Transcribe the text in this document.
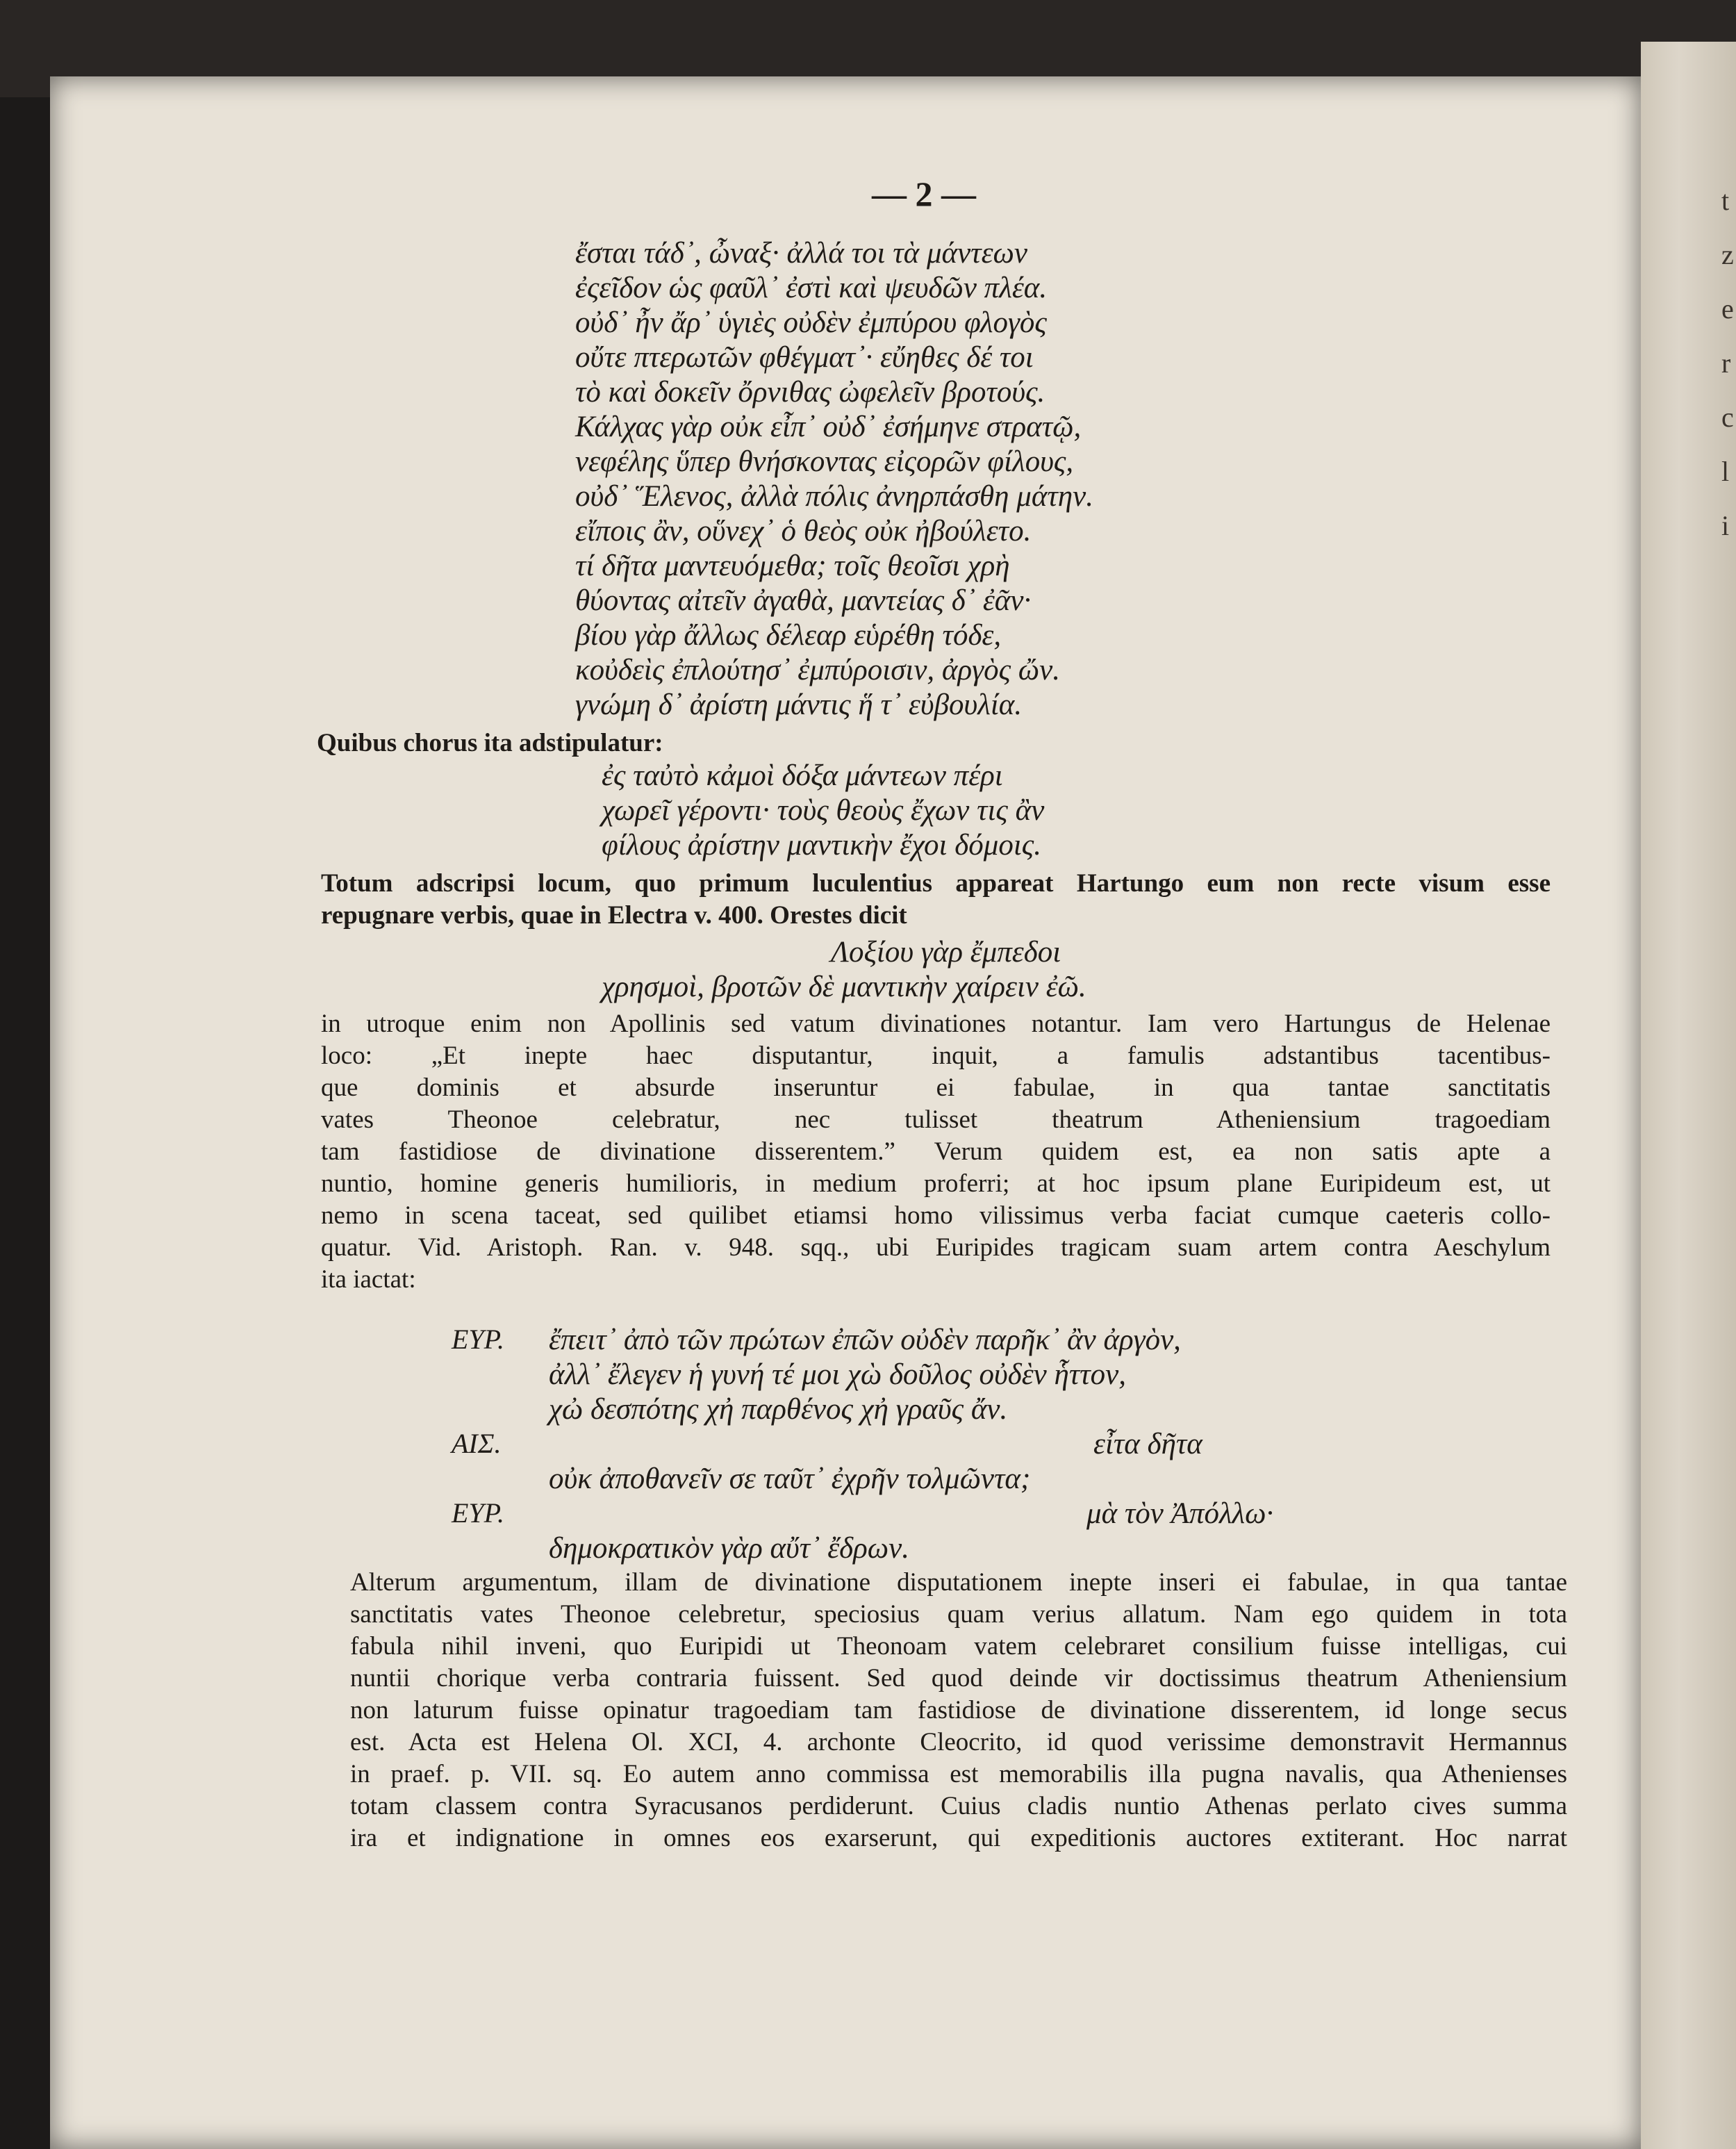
t
z
e
r
c
l
i
— 2 —
ἔσται τάδ᾽, ὦναξ· ἀλλά τοι τὰ μάντεων
ἐςεῖδον ὡς φαῦλ᾽ ἐστὶ καὶ ψευδῶν πλέα.
οὐδ᾽ ἦν ἄρ᾽ ὑγιὲς οὐδὲν ἐμπύρου φλογὸς
οὔτε πτερωτῶν φθέγματ᾽· εὔηθες δέ τοι
τὸ καὶ δοκεῖν ὄρνιθας ὠφελεῖν βροτούς.
Κάλχας γὰρ οὐκ εἶπ᾽ οὐδ᾽ ἐσήμηνε στρατῷ,
νεφέλης ὕπερ θνήσκοντας εἰςορῶν φίλους,
οὐδ᾽ Ἕλενος, ἀλλὰ πόλις ἀνηρπάσθη μάτην.
εἴποις ἂν, οὕνεχ᾽ ὁ θεὸς οὐκ ἠβούλετο.
τί δῆτα μαντευόμεθα; τοῖς θεοῖσι χρὴ
θύοντας αἰτεῖν ἀγαθὰ, μαντείας δ᾽ ἐᾶν·
βίου γὰρ ἄλλως δέλεαρ εὑρέθη τόδε,
κοὐδεὶς ἐπλούτησ᾽ ἐμπύροισιν, ἀργὸς ὤν.
γνώμη δ᾽ ἀρίστη μάντις ἥ τ᾽ εὐβουλία.
Quibus chorus ita adstipulatur:
ἐς ταὐτὸ κἀμοὶ δόξα μάντεων πέρι
χωρεῖ γέροντι· τοὺς θεοὺς ἔχων τις ἂν
φίλους ἀρίστην μαντικὴν ἔχοι δόμοις.
Totum adscripsi locum, quo primum luculentius appareat Hartungo eum non recte visum esse
repugnare verbis, quae in Electra v. 400. Orestes dicit
Λοξίου γὰρ ἔμπεδοι
χρησμοὶ, βροτῶν δὲ μαντικὴν χαίρειν ἐῶ.
in utroque enim non Apollinis sed vatum divinationes notantur. Iam vero Hartungus de Helenae
loco: „Et inepte haec disputantur, inquit, a famulis adstantibus tacentibus-
que dominis et absurde inseruntur ei fabulae, in qua tantae sanctitatis
vates Theonoe celebratur, nec tulisset theatrum Atheniensium tragoediam
tam fastidiose de divinatione disserentem.” Verum quidem est, ea non satis apte a
nuntio, homine generis humilioris, in medium proferri; at hoc ipsum plane Euripideum est, ut
nemo in scena taceat, sed quilibet etiamsi homo vilissimus verba faciat cumque caeteris collo-
quatur. Vid. Aristoph. Ran. v. 948. sqq., ubi Euripides tragicam suam artem contra Aeschylum
ita iactat:
ΕΥΡ. ἔπειτ᾽ ἀπὸ τῶν πρώτων ἐπῶν οὐδὲν παρῆκ᾽ ἂν ἀργὸν,
ἀλλ᾽ ἔλεγεν ἡ γυνή τέ μοι χὼ δοῦλος οὐδὲν ἧττον,
χὠ δεσπότης χἠ παρθένος χἠ γραῦς ἄν.
ΑΙΣ.	εἶτα δῆτα
οὐκ ἀποθανεῖν σε ταῦτ᾽ ἐχρῆν τολμῶντα;
ΕΥΡ.	μὰ τὸν Ἀπόλλω·
δημοκρατικὸν γὰρ αὔτ᾽ ἔδρων.
Alterum argumentum, illam de divinatione disputationem inepte inseri ei fabulae, in qua tantae
sanctitatis vates Theonoe celebretur, speciosius quam verius allatum. Nam ego quidem in tota
fabula nihil inveni, quo Euripidi ut Theonoam vatem celebraret consilium fuisse intelligas, cui
nuntii chorique verba contraria fuissent. Sed quod deinde vir doctissimus theatrum Atheniensium
non laturum fuisse opinatur tragoediam tam fastidiose de divinatione disserentem, id longe secus
est. Acta est Helena Ol. XCI, 4. archonte Cleocrito, id quod verissime demonstravit Hermannus
in praef. p. VII. sq. Eo autem anno commissa est memorabilis illa pugna navalis, qua Athenienses
totam classem contra Syracusanos perdiderunt. Cuius cladis nuntio Athenas perlato cives summa
ira et indignatione in omnes eos exarserunt, qui expeditionis auctores extiterant. Hoc narrat
